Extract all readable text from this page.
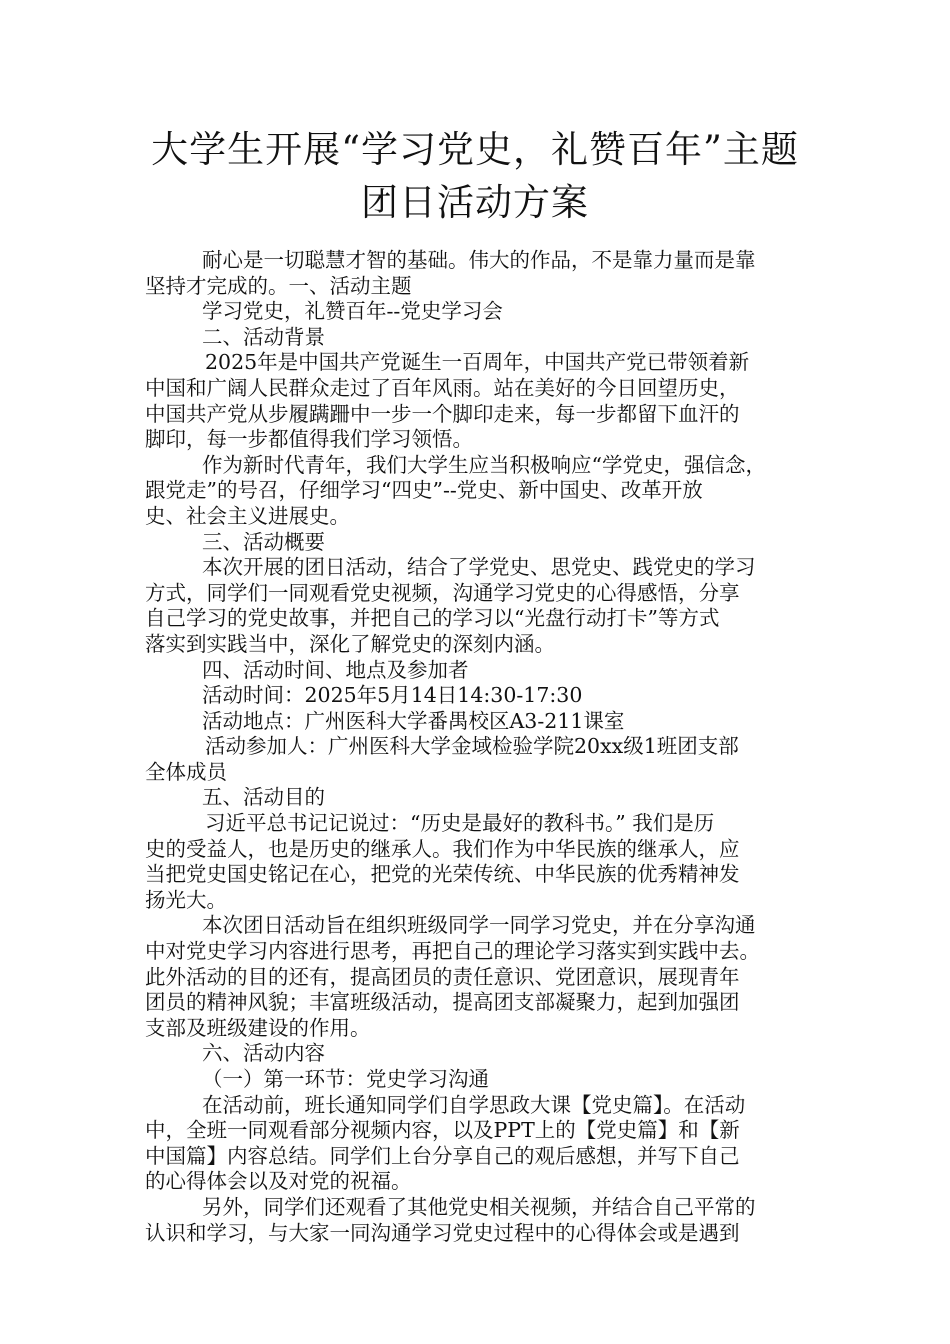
大学生开展“学习党史，礼赞百年”主题
团日活动方案
耐心是一切聪慧才智的基础。伟大的作品，不是靠力量而是靠
坚持才完成的。一、活动主题
学习党史，礼赞百年--党史学习会
二、活动背景
2025年是中国共产党诞生一百周年，中国共产党已带领着新
中国和广阔人民群众走过了百年风雨。站在美好的今日回望历史，
中国共产党从步履蹒跚中一步一个脚印走来，每一步都留下血汗的
脚印，每一步都值得我们学习领悟。
作为新时代青年，我们大学生应当积极响应“学党史，强信念，
跟党走”的号召，仔细学习“四史”--党史、新中国史、改革开放
史、社会主义进展史。
三、活动概要
本次开展的团日活动，结合了学党史、思党史、践党史的学习
方式，同学们一同观看党史视频，沟通学习党史的心得感悟，分享
自己学习的党史故事，并把自己的学习以“光盘行动打卡”等方式
落实到实践当中，深化了解党史的深刻内涵。
四、活动时间、地点及参加者
活动时间：2025年5月14日14:30-17:30
活动地点：广州医科大学番禺校区A3-211课室
活动参加人：广州医科大学金域检验学院20xx级1班团支部
全体成员
五、活动目的
习近平总书记记说过：“历史是最好的教科书。” 我们是历
史的受益人，也是历史的继承人。我们作为中华民族的继承人，应
当把党史国史铭记在心，把党的光荣传统、中华民族的优秀精神发
扬光大。
本次团日活动旨在组织班级同学一同学习党史，并在分享沟通
中对党史学习内容进行思考，再把自己的理论学习落实到实践中去。
此外活动的目的还有，提高团员的责任意识、党团意识，展现青年
团员的精神风貌；丰富班级活动，提高团支部凝聚力，起到加强团
支部及班级建设的作用。
六、活动内容
（一）第一环节：党史学习沟通
在活动前，班长通知同学们自学思政大课【党史篇】。在活动
中，全班一同观看部分视频内容，以及PPT上的【党史篇】和【新
中国篇】内容总结。同学们上台分享自己的观后感想，并写下自己
的心得体会以及对党的祝福。
另外，同学们还观看了其他党史相关视频，并结合自己平常的
认识和学习，与大家一同沟通学习党史过程中的心得体会或是遇到
